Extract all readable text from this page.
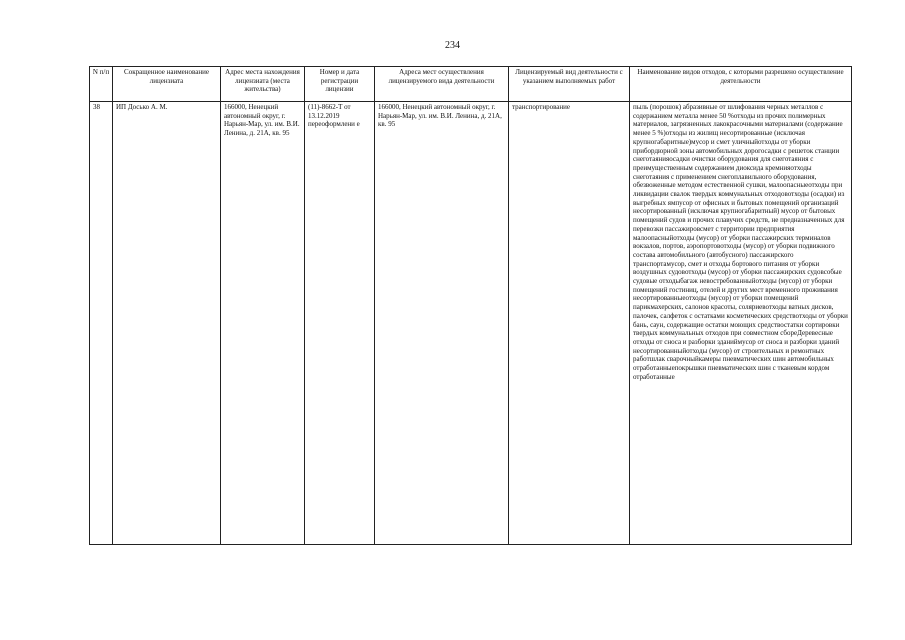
234
N п/п	Сокращенное наименование лицензиата	Адрес места нахождения лицензиата (места жительства)	Номер и дата регистрации лицензии	Адреса мест осуществления лицензируемого вида деятельности	Лицензируемый вид деятельности с указанием выполняемых работ	Наименование видов отходов, с которыми разрешено осуществление деятельности
38	ИП Досько А. М.	166000, Ненецкий автономный округ, г. Нарьян-Мар, ул. им. В.И. Ленина, д. 21А, кв. 95	(11)-8662-Т от 13.12.2019 переоформлени е	166000, Ненецкий автономный округ, г. Нарьян-Мар, ул. им. В.И. Ленина, д. 21А, кв. 95	транспортирование	пыль (порошок) абразивные от шлифования черных металлов с содержанием металла менее 50 %отходы из прочих полимерных материалов, загрязненных лакокрасочными материалами (содержание менее 5 %)отходы из жилищ несортированные (исключая крупногабаритные)мусор и смет уличныйотходы от уборки прибордюрной зоны автомобильных дорогосадки с решеток станции снеготаянияосадки очистки оборудования для снеготаяния с преимущественным содержанием диоксида кремнияотходы снеготаяния с применением снегоплавильного оборудования, обезвоженные методом естественной сушки, малоопасныеотходы при ликвидации свалок твердых коммунальных отходовотходы (осадки) из выгребных ямпусор от офисных и бытовых помещений организаций несортированный (исключая крупногабаритный) мусор от бытовых помещений судов и прочих плавучих средств, не предназначенных для перевозки пассажировсмет с территории предприятия малоопасныйотходы (мусор) от уборки пассажирских терминалов вокзалов, портов, аэропортовотходы (мусор) от уборки подвижного состава автомобильного (автобусного) пассажирского транспортамусор, смет и отходы бортового питания от уборки воздушных судовотходы (мусор) от уборки пассажирских судовсобые судовые отходыбагаж невостребованныйотходы (мусор) от уборки помещений гостиниц, отелей и других мест временного проживания несортированныеотходы (мусор) от уборки помещений парикмахерских, салонов красоты, соляриевотходы ватных дисков, палочек, салфеток с остатками косметических средствотходы от уборки бань, саун, содержащие остатки моющих средствостатки сортировки твердых коммунальных отходов при совместном сбореДеревесные отходы от сноса и разборки зданиймусор от сноса и разборки зданий несортированныйотходы (мусор) от строительных и ремонтных работшлак сварочныйкамеры пневматических шин автомобильных отработанныепокрышки пневматических шин с тканевым кордом отработанные
